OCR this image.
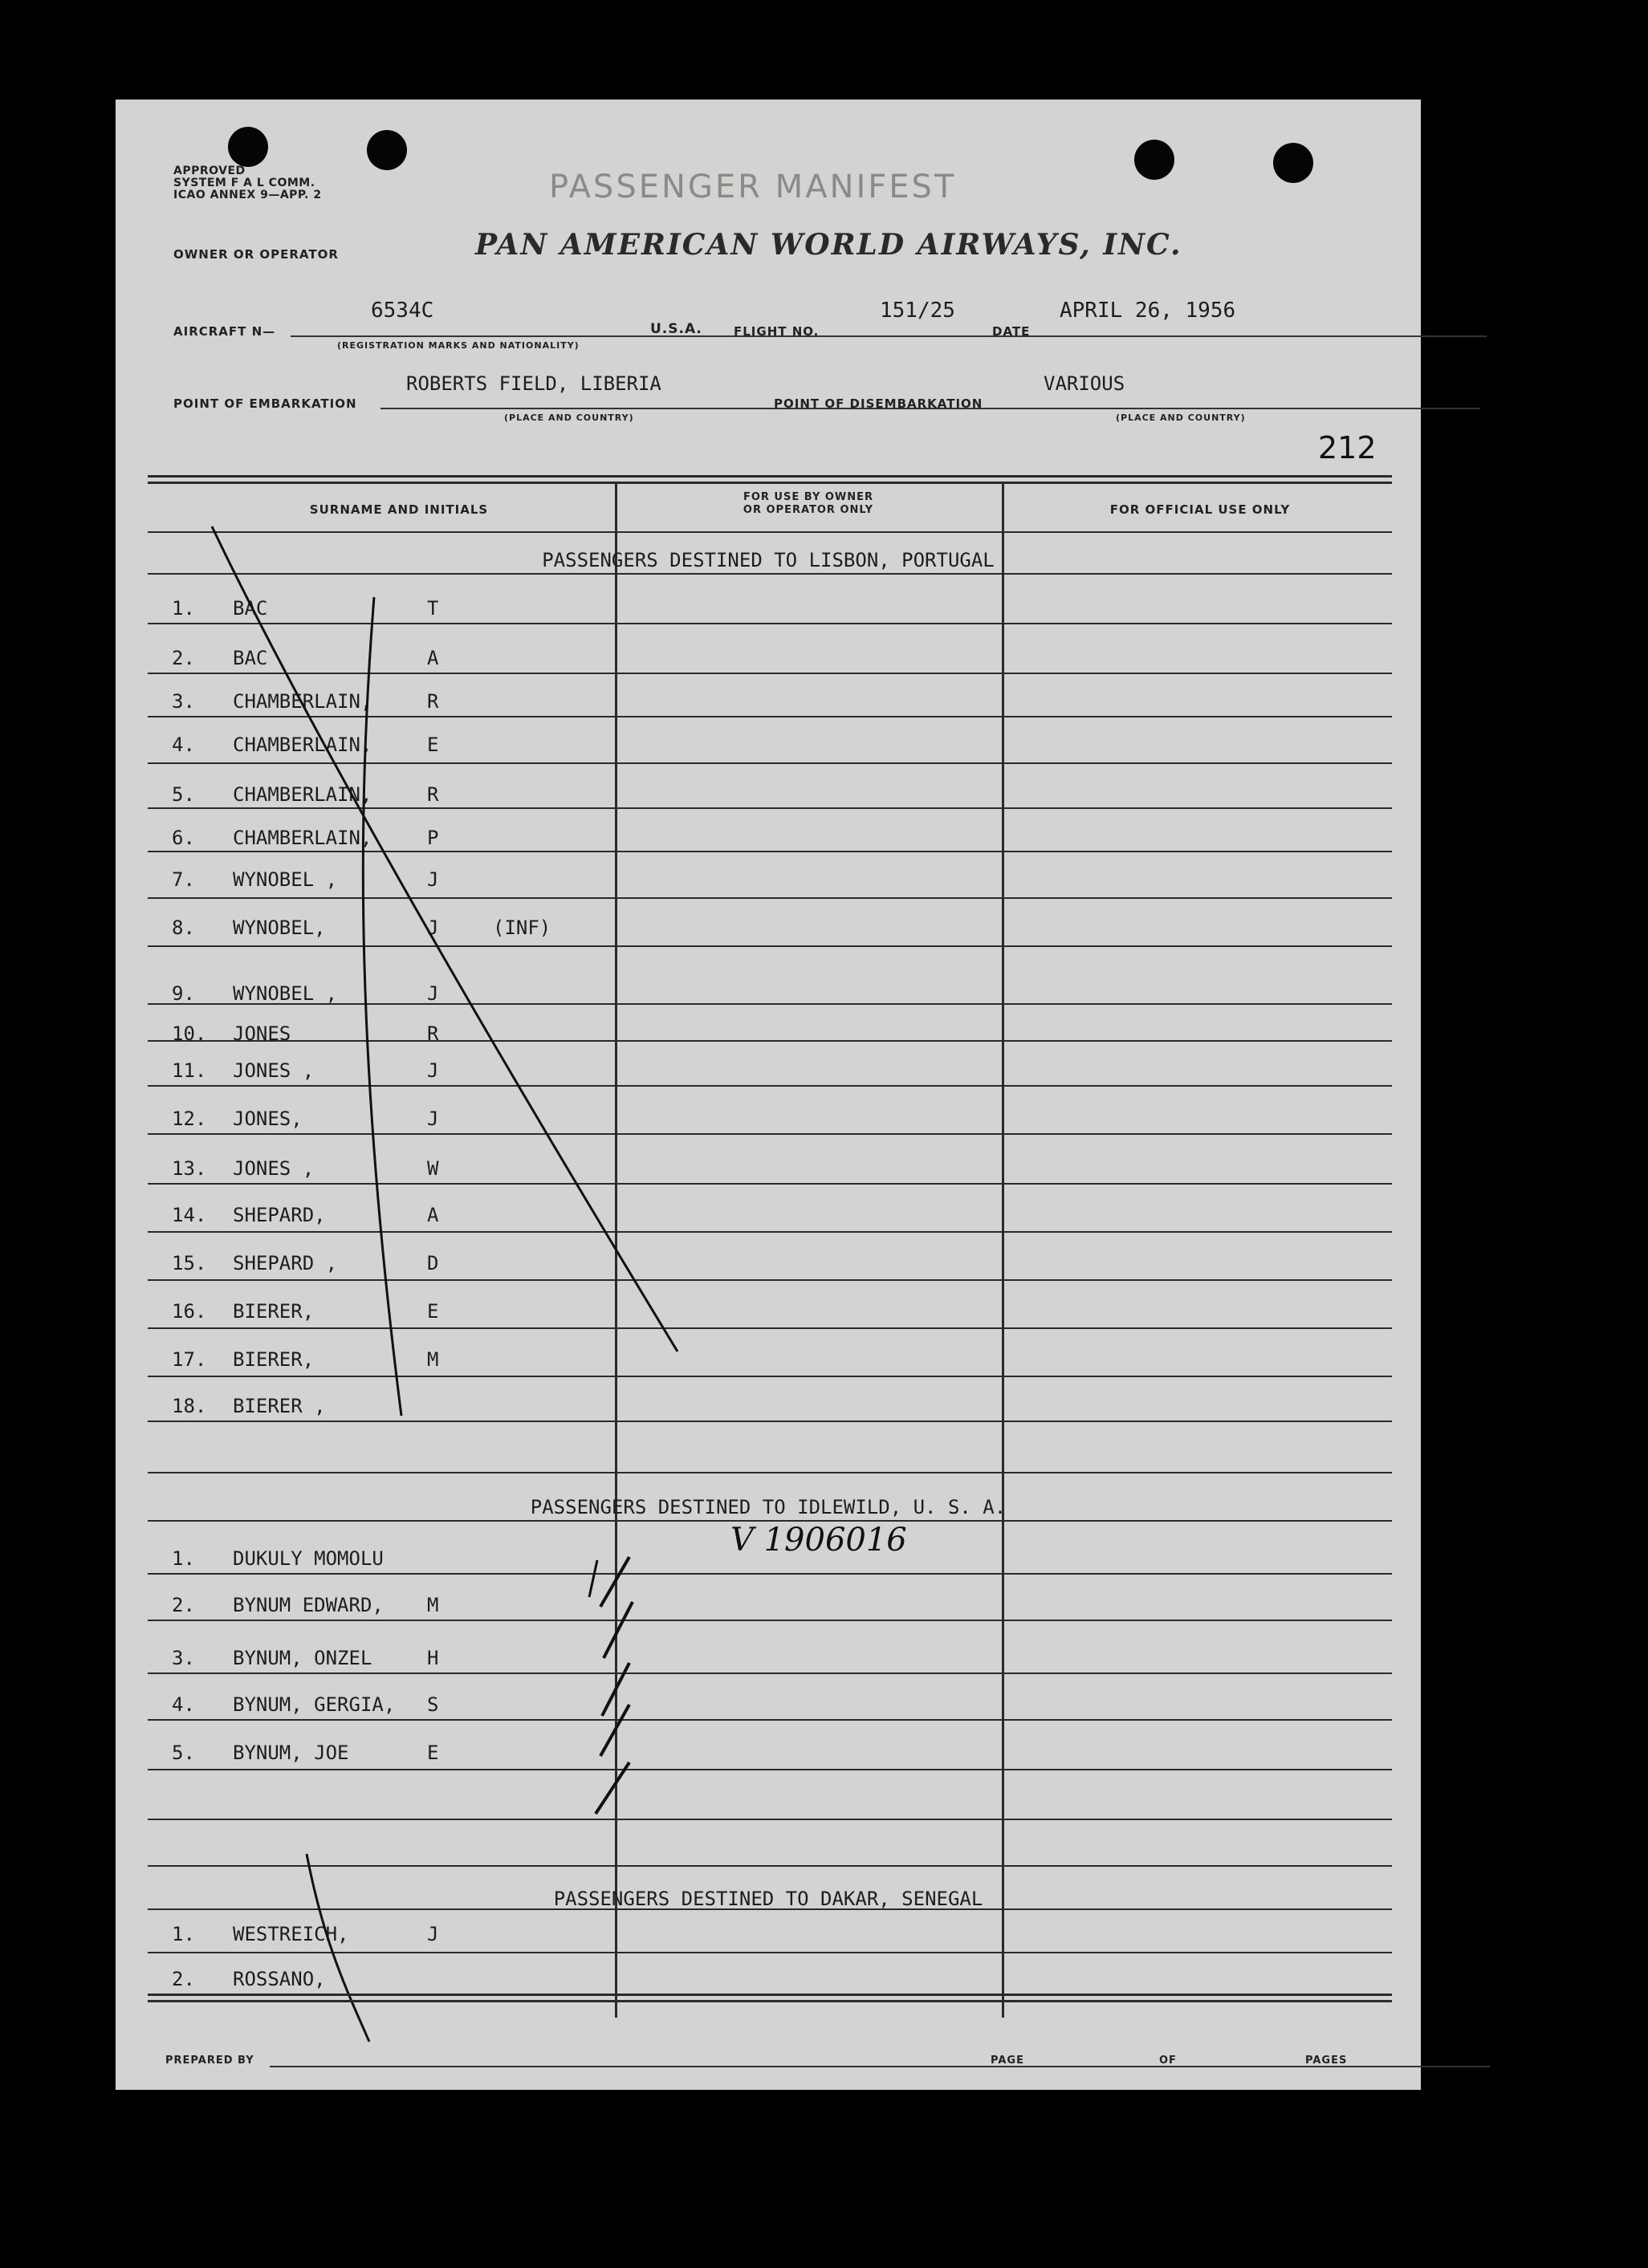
APPROVED
SYSTEM F A L COMM.
ICAO ANNEX 9—APP. 2	PASSENGER MANIFEST
OWNER OR OPERATOR	PAN AMERICAN WORLD AIRWAYS, INC.
AIRCRAFT N—
6534C
(REGISTRATION MARKS AND NATIONALITY)
U.S.A.	FLIGHT NO.
151/25
DATE
APRIL 26, 1956
POINT OF EMBARKATION
ROBERTS FIELD, LIBERIA
(PLACE AND COUNTRY)
POINT OF DISEMBARKATION
VARIOUS
(PLACE AND COUNTRY)
212
SURNAME AND INITIALS
FOR USE BY OWNER
OR OPERATOR ONLY	FOR OFFICIAL USE ONLY
PASSENGERS DESTINED TO LISBON, PORTUGAL
1. BAC	T
2. BAC	A
3. CHAMBERLAIN,	R
4. CHAMBERLAIN,	E
5. CHAMBERLAIN,	R
6. CHAMBERLAIN,	P
7. WYNOBEL ,	J
8. WYNOBEL,	J	(INF)
9. WYNOBEL ,	J
10. JONES	R
11. JONES ,	J
12. JONES,	J
13. JONES ,	W
14. SHEPARD,	A
15. SHEPARD ,	D
16. BIERER,	E
17. BIERER,	M
18. BIERER ,
PASSENGERS DESTINED TO IDLEWILD, U. S. A.
1. DUKULY MOMOLU
2. BYNUM EDWARD, M
3. BYNUM, ONZEL	H
4. BYNUM, GERGIA, S
5. BYNUM, JOE	E
PASSENGERS DESTINED TO DAKAR, SENEGAL
1. WESTREICH,	J
2. ROSSANO,
V 1906016
PREPARED BY	PAGE	OF	PAGES
